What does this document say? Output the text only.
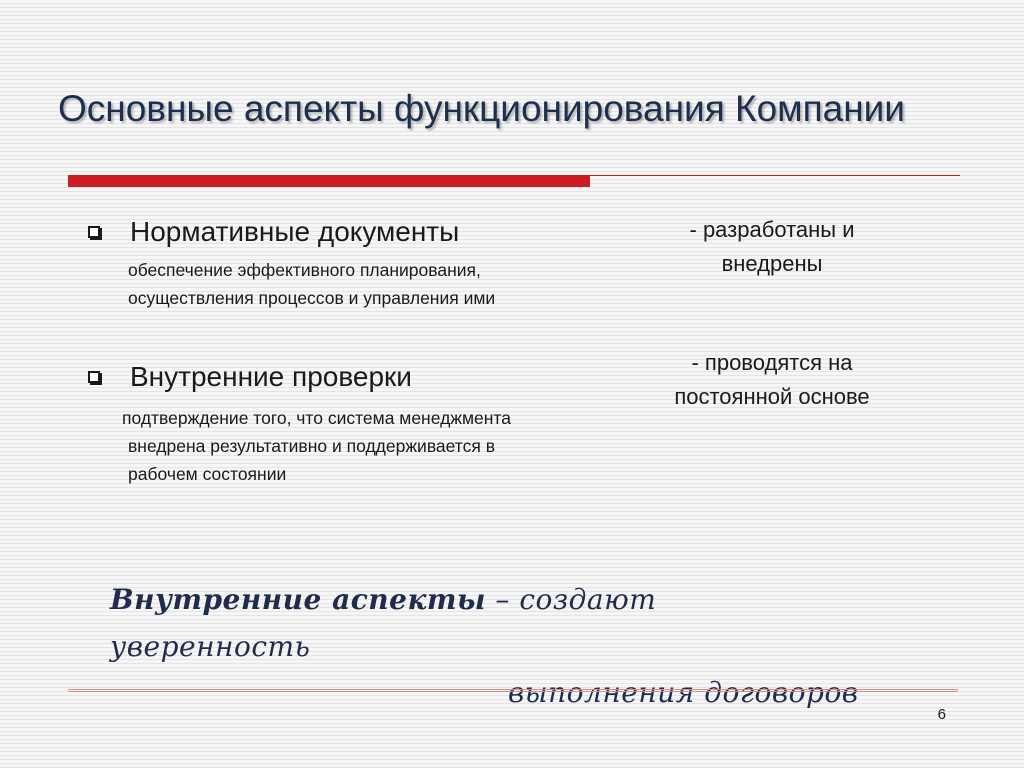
Основные аспекты функционирования Компании
Нормативные документы
обеспечение эффективного планирования,
осуществления процессов и управления ими
- разработаны и
внедрены
Внутренние проверки
подтверждение того, что система менеджмента
внедрена результативно и поддерживается в
рабочем состоянии
- проводятся на
постоянной основе
Внутренние аспекты – создают
уверенность
выполнения договоров
6
